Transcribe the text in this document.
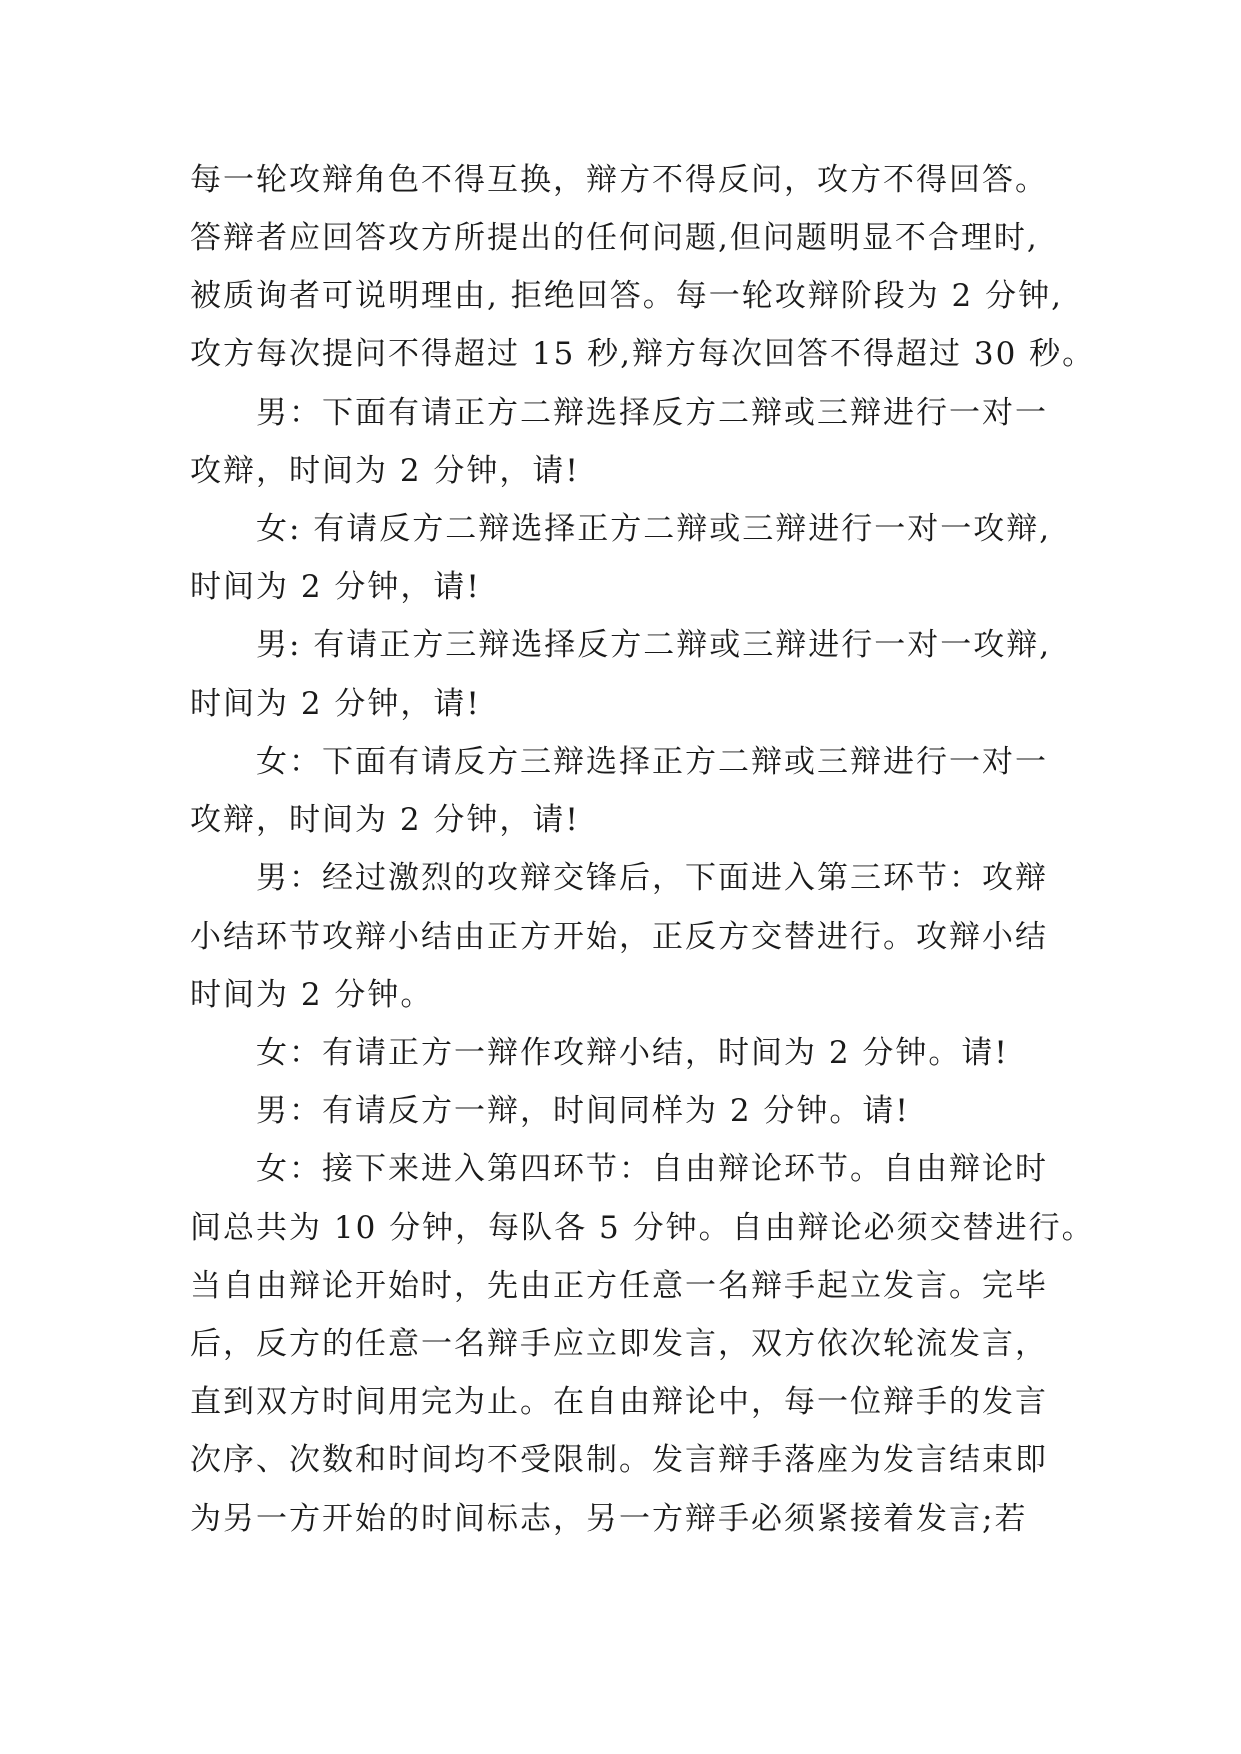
每一轮攻辩角色不得互换，辩方不得反问，攻方不得回答。
答辩者应回答攻方所提出的任何问题,但问题明显不合理时,
被质询者可说明理由, 拒绝回答。每一轮攻辩阶段为 2 分钟,
攻方每次提问不得超过 15 秒,辩方每次回答不得超过 30 秒。
男：下面有请正方二辩选择反方二辩或三辩进行一对一
攻辩，时间为 2 分钟，请!
女: 有请反方二辩选择正方二辩或三辩进行一对一攻辩,
时间为 2 分钟，请!
男: 有请正方三辩选择反方二辩或三辩进行一对一攻辩,
时间为 2 分钟，请!
女：下面有请反方三辩选择正方二辩或三辩进行一对一
攻辩，时间为 2 分钟，请!
男：经过激烈的攻辩交锋后，下面进入第三环节：攻辩
小结环节攻辩小结由正方开始，正反方交替进行。攻辩小结
时间为 2 分钟。
女：有请正方一辩作攻辩小结，时间为 2 分钟。请!
男：有请反方一辩，时间同样为 2 分钟。请!
女：接下来进入第四环节：自由辩论环节。自由辩论时
间总共为 10 分钟，每队各 5 分钟。自由辩论必须交替进行。
当自由辩论开始时，先由正方任意一名辩手起立发言。完毕
后，反方的任意一名辩手应立即发言，双方依次轮流发言，
直到双方时间用完为止。在自由辩论中，每一位辩手的发言
次序、次数和时间均不受限制。发言辩手落座为发言结束即
为另一方开始的时间标志，另一方辩手必须紧接着发言;若
